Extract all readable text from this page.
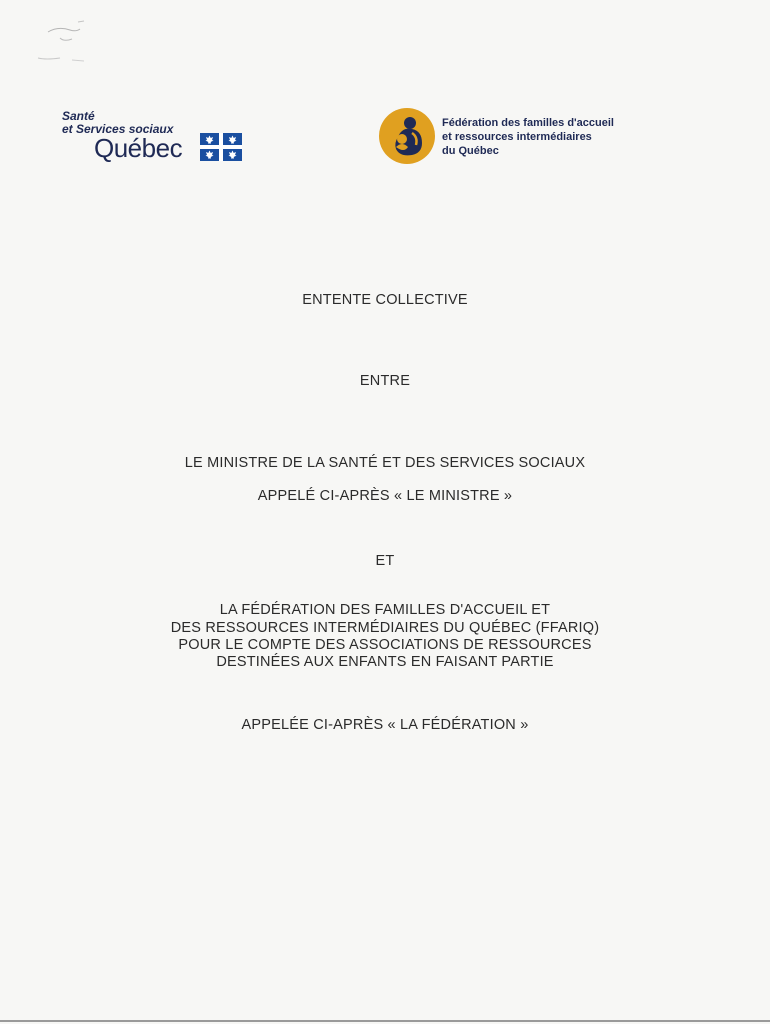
Santé
et Services sociaux
Québec
Fédération des familles d'accueil
et ressources intermédiaires
du Québec
ENTENTE COLLECTIVE
ENTRE
LE MINISTRE DE LA SANTÉ ET DES SERVICES SOCIAUX
APPELÉ CI-APRÈS « LE MINISTRE »
ET
LA FÉDÉRATION DES FAMILLES D'ACCUEIL ET
DES RESSOURCES INTERMÉDIAIRES DU QUÉBEC (FFARIQ)
POUR LE COMPTE DES ASSOCIATIONS DE RESSOURCES
DESTINÉES AUX ENFANTS EN FAISANT PARTIE
APPELÉE CI-APRÈS « LA FÉDÉRATION »
